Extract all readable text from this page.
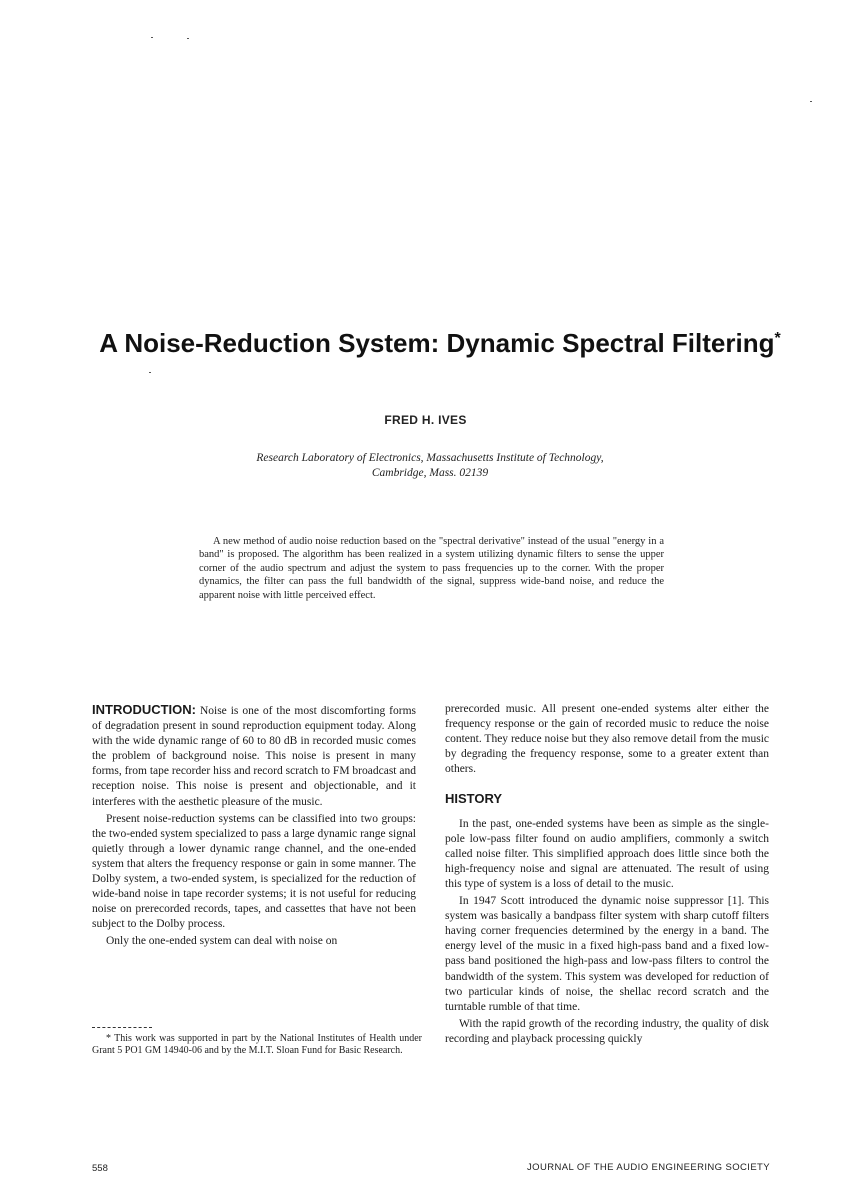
A Noise-Reduction System: Dynamic Spectral Filtering*
FRED H. IVES
Research Laboratory of Electronics, Massachusetts Institute of Technology,
Cambridge, Mass. 02139
A new method of audio noise reduction based on the "spectral derivative" instead of the usual "energy in a band" is proposed. The algorithm has been realized in a system utilizing dynamic filters to sense the upper corner of the audio spectrum and adjust the system to pass frequencies up to the corner. With the proper dynamics, the filter can pass the full bandwidth of the signal, suppress wide-band noise, and reduce the apparent noise with little perceived effect.

INTRODUCTION: Noise is one of the most discomforting forms of degradation present in sound reproduction equipment today. Along with the wide dynamic range of 60 to 80 dB in recorded music comes the problem of background noise. This noise is present in many forms, from tape recorder hiss and record scratch to FM broadcast and reception noise. This noise is present and objectionable, and it interferes with the aesthetic pleasure of the music.

Present noise-reduction systems can be classified into two groups: the two-ended system specialized to pass a large dynamic range signal quietly through a lower dynamic range channel, and the one-ended system that alters the frequency response or gain in some manner. The Dolby system, a two-ended system, is specialized for the reduction of wide-band noise in tape recorder systems; it is not useful for reducing noise on prerecorded records, tapes, and cassettes that have not been subject to the Dolby process.

Only the one-ended system can deal with noise on

prerecorded music. All present one-ended systems alter either the frequency response or the gain of recorded music to reduce the noise content. They reduce noise but they also remove detail from the music by degrading the frequency response, some to a greater extent than others.

HISTORY

In the past, one-ended systems have been as simple as the single-pole low-pass filter found on audio amplifiers, commonly a switch called noise filter. This simplified approach does little since both the high-frequency noise and signal are attenuated. The result of using this type of system is a loss of detail to the music.

In 1947 Scott introduced the dynamic noise suppressor [1]. This system was basically a bandpass filter system with sharp cutoff filters having corner frequencies determined by the energy in a band. The energy level of the music in a fixed high-pass band and a fixed low-pass band positioned the high-pass and low-pass filters to control the bandwidth of the system. This system was developed for reduction of two particular kinds of noise, the shellac record scratch and the turntable rumble of that time.

With the rapid growth of the recording industry, the quality of disk recording and playback processing quickly

* This work was supported in part by the National Institutes of Health under Grant 5 PO1 GM 14940-06 and by the M.I.T. Sloan Fund for Basic Research.
558	JOURNAL OF THE AUDIO ENGINEERING SOCIETY
